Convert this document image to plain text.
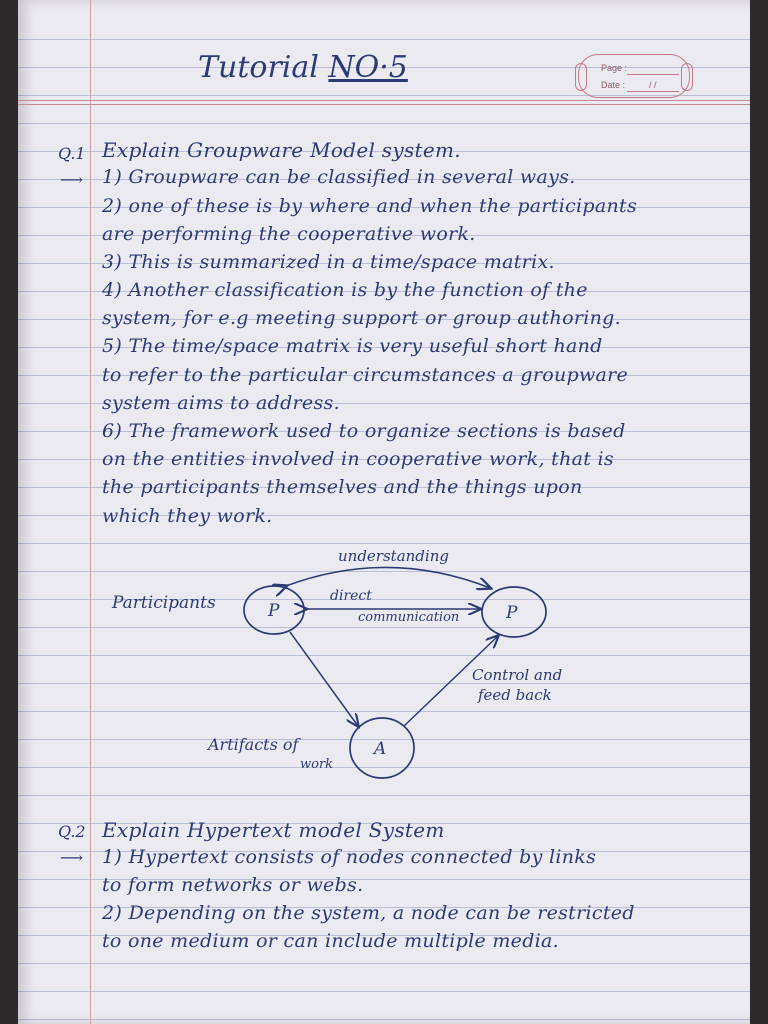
Tutorial NO·5	Page :
Date :	/ /
Q.1
⟶
Explain Groupware Model system.
1) Groupware can be classified in several ways.
2) one of these is by where and when the participants
are performing the cooperative work.
3) This is summarized in a time/space matrix.
4) Another classification is by the function of the
system, for e.g meeting support or group authoring.
5) The time/space matrix is very useful short hand
to refer to the particular circumstances a groupware
system aims to address.
6) The framework used to organize sections is based
on the entities involved in cooperative work, that is
the participants themselves and the things upon
which they work.
understanding
P	P
A
direct
communication
Control and
feed back
Participants
Artifacts of
work
Q.2
⟶
Explain Hypertext model System
1) Hypertext consists of nodes connected by links
to form networks or webs.
2) Depending on the system, a node can be restricted
to one medium or can include multiple media.
